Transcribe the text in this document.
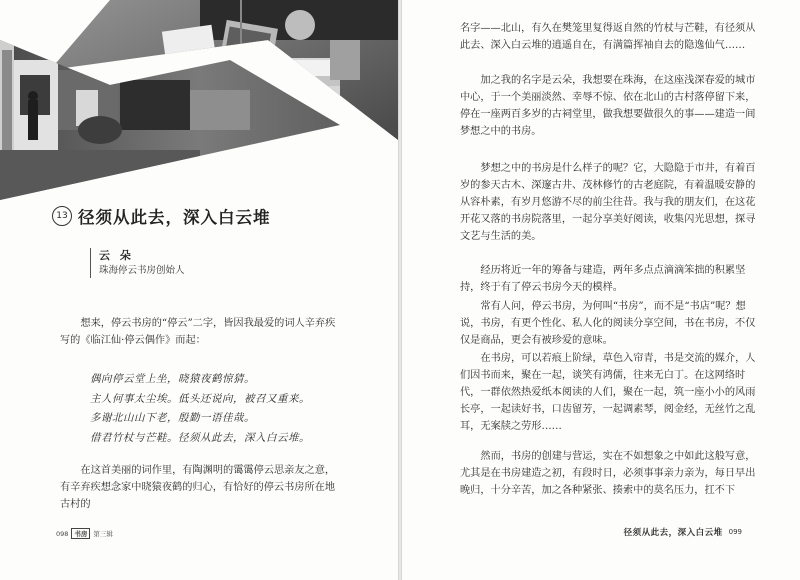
13 径须从此去，深入白云堆
云 朵
珠海停云书房创始人

想来，停云书房的“停云”二字，皆因我最爱的词人辛弃疾写的《临江仙·停云偶作》而起：

偶向停云堂上坐，晓猿夜鹤惊猜。
主人何事太尘埃。低头还说向，被召又重来。
多谢北山山下老，殷勤一语佳哉。
借君竹杖与芒鞋。径须从此去，深入白云堆。

在这首美丽的词作里，有陶渊明的霭霭停云思亲友之意，有辛弃疾想念家中晓猿夜鹤的归心，有恰好的停云书房所在地古村的

098 书房 第三辑

名字——北山，有久在樊笼里复得返自然的竹杖与芒鞋，有径须从此去、深入白云堆的逍遥自在，有满篇挥袖自去的隐逸仙气……

加之我的名字是云朵，我想要在珠海，在这座浅深春爱的城市中心，于一个美丽淡然、幸辱不惊、依在北山的古村落停留下来，停在一座两百多岁的古祠堂里，做我想要做很久的事——建造一间梦想之中的书房。

梦想之中的书房是什么样子的呢？它，大隐隐于市井，有着百岁的参天古木、深邃古井、茂林修竹的古老庭院，有着温暖安静的从容朴素，有岁月悠游不尽的前尘往昔。我与我的朋友们，在这花开花又落的书房院落里，一起分享美好阅读，收集闪光思想，探寻文艺与生活的美。

经历将近一年的筹备与建造，两年多点点滴滴笨拙的积累坚持，终于有了停云书房今天的模样。

常有人问，停云书房，为何叫“书房”，而不是“书店”呢？想说，书房，有更个性化、私人化的阅读分享空间，书在书房，不仅仅是商品，更会有被珍爱的意味。

在书房，可以若痕上阶绿，草色入帘青，书是交流的媒介，人们因书而来，聚在一起，谈笑有鸿儒，往来无白丁。在这网络时代，一群依然热爱纸本阅读的人们，聚在一起，筑一座小小的风雨长亭，一起读好书，口齿留芳，一起调素琴，阅金经，无丝竹之乱耳，无案牍之劳形……

然而，书房的创建与营运，实在不如想象之中如此这般写意，尤其是在书房建造之初，有段时日，必须事事亲力亲为，每日早出晚归，十分辛苦，加之各种紧张、揍索中的莫名压力，扛不下

径须从此去，深入白云堆 099
